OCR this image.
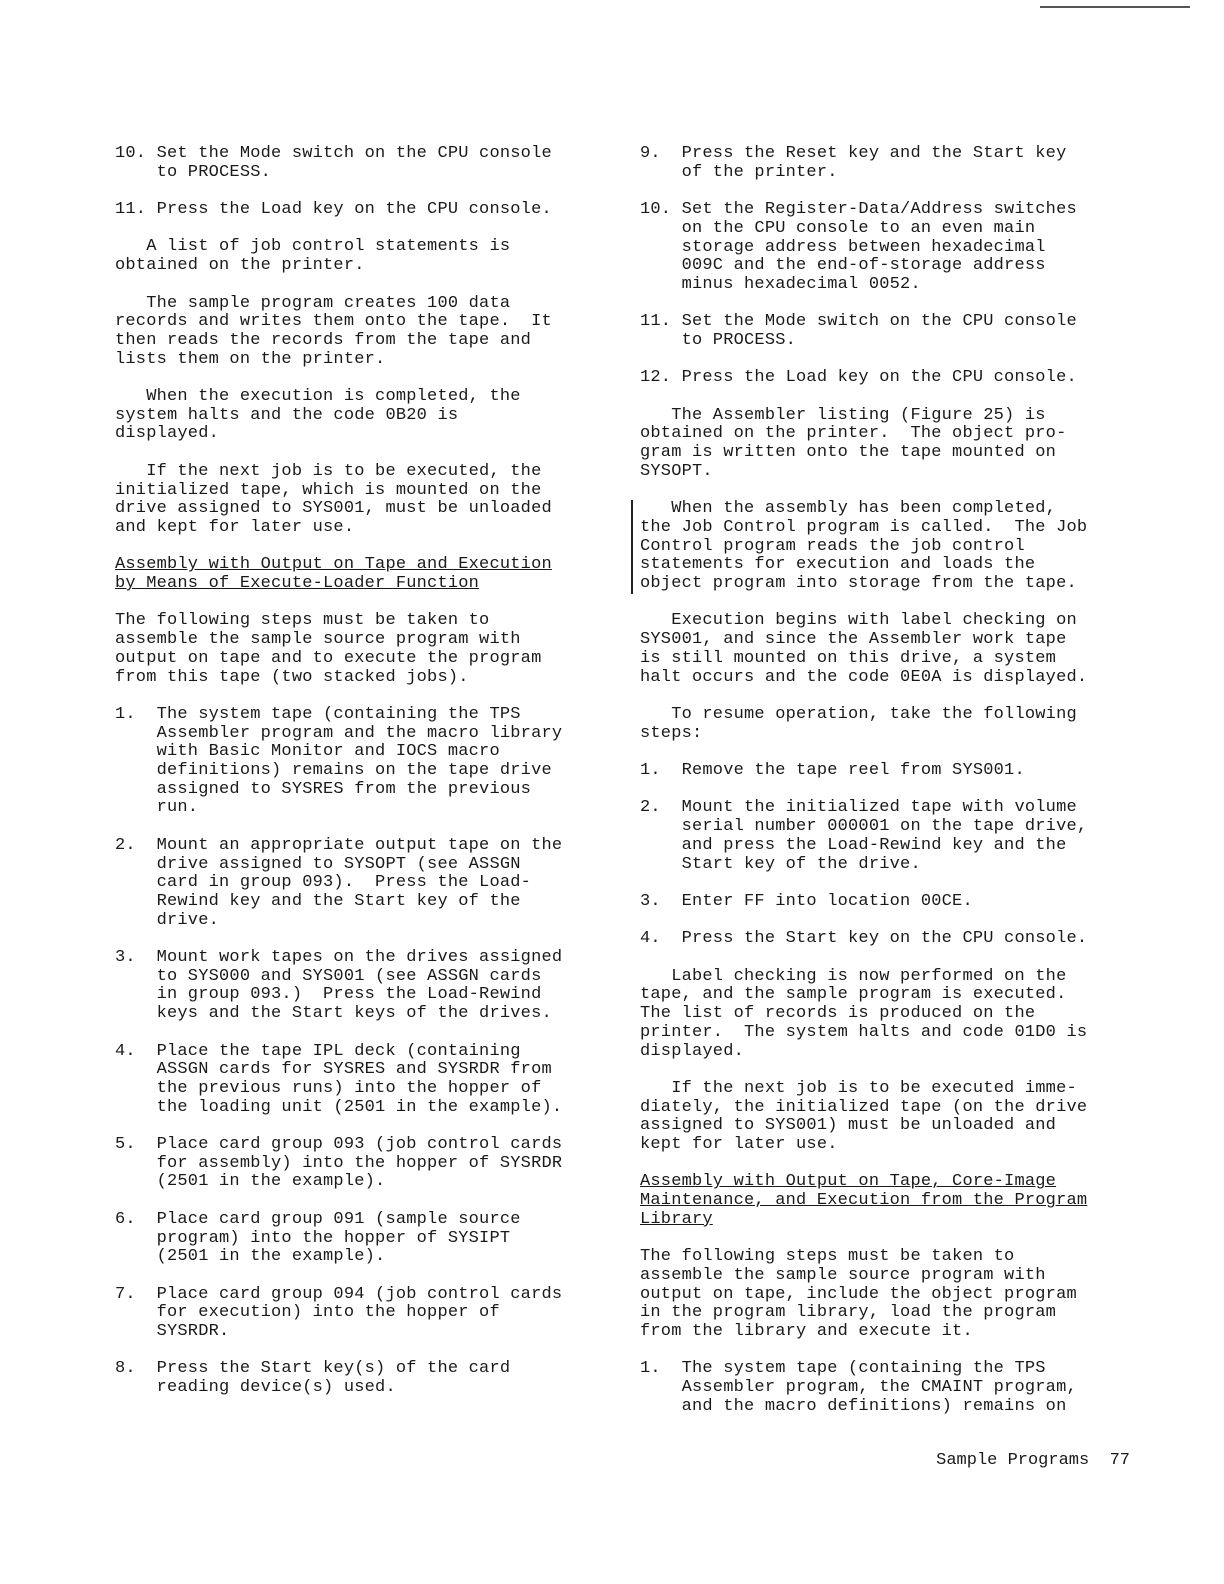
10. Set the Mode switch on the CPU console
to PROCESS.
11. Press the Load key on the CPU console.
A list of job control statements is
obtained on the printer.
The sample program creates 100 data
records and writes them onto the tape.  It
then reads the records from the tape and
lists them on the printer.
When the execution is completed, the
system halts and the code 0B20 is
displayed.
If the next job is to be executed, the
initialized tape, which is mounted on the
drive assigned to SYS001, must be unloaded
and kept for later use.
Assembly with Output on Tape and Execution
by Means of Execute-Loader Function
The following steps must be taken to
assemble the sample source program with
output on tape and to execute the program
from this tape (two stacked jobs).
1.  The system tape (containing the TPS
Assembler program and the macro library
with Basic Monitor and IOCS macro
definitions) remains on the tape drive
assigned to SYSRES from the previous
run.
2.  Mount an appropriate output tape on the
drive assigned to SYSOPT (see ASSGN
card in group 093).  Press the Load-
Rewind key and the Start key of the
drive.
3.  Mount work tapes on the drives assigned
to SYS000 and SYS001 (see ASSGN cards
in group 093.)  Press the Load-Rewind
keys and the Start keys of the drives.
4.  Place the tape IPL deck (containing
ASSGN cards for SYSRES and SYSRDR from
the previous runs) into the hopper of
the loading unit (2501 in the example).
5.  Place card group 093 (job control cards
for assembly) into the hopper of SYSRDR
(2501 in the example).
6.  Place card group 091 (sample source
program) into the hopper of SYSIPT
(2501 in the example).
7.  Place card group 094 (job control cards
for execution) into the hopper of
SYSRDR.
8.  Press the Start key(s) of the card
reading device(s) used.
9.  Press the Reset key and the Start key
of the printer.
10. Set the Register-Data/Address switches
on the CPU console to an even main
storage address between hexadecimal
009C and the end-of-storage address
minus hexadecimal 0052.
11. Set the Mode switch on the CPU console
to PROCESS.
12. Press the Load key on the CPU console.
The Assembler listing (Figure 25) is
obtained on the printer.  The object pro-
gram is written onto the tape mounted on
SYSOPT.
When the assembly has been completed,
the Job Control program is called.  The Job
Control program reads the job control
statements for execution and loads the
object program into storage from the tape.
Execution begins with label checking on
SYS001, and since the Assembler work tape
is still mounted on this drive, a system
halt occurs and the code 0E0A is displayed.
To resume operation, take the following
steps:
1.  Remove the tape reel from SYS001.
2.  Mount the initialized tape with volume
serial number 000001 on the tape drive,
and press the Load-Rewind key and the
Start key of the drive.
3.  Enter FF into location 00CE.
4.  Press the Start key on the CPU console.
Label checking is now performed on the
tape, and the sample program is executed.
The list of records is produced on the
printer.  The system halts and code 01D0 is
displayed.
If the next job is to be executed imme-
diately, the initialized tape (on the drive
assigned to SYS001) must be unloaded and
kept for later use.
Assembly with Output on Tape, Core-Image
Maintenance, and Execution from the Program
Library
The following steps must be taken to
assemble the sample source program with
output on tape, include the object program
in the program library, load the program
from the library and execute it.
1.  The system tape (containing the TPS
Assembler program, the CMAINT program,
and the macro definitions) remains on
Sample Programs 77
